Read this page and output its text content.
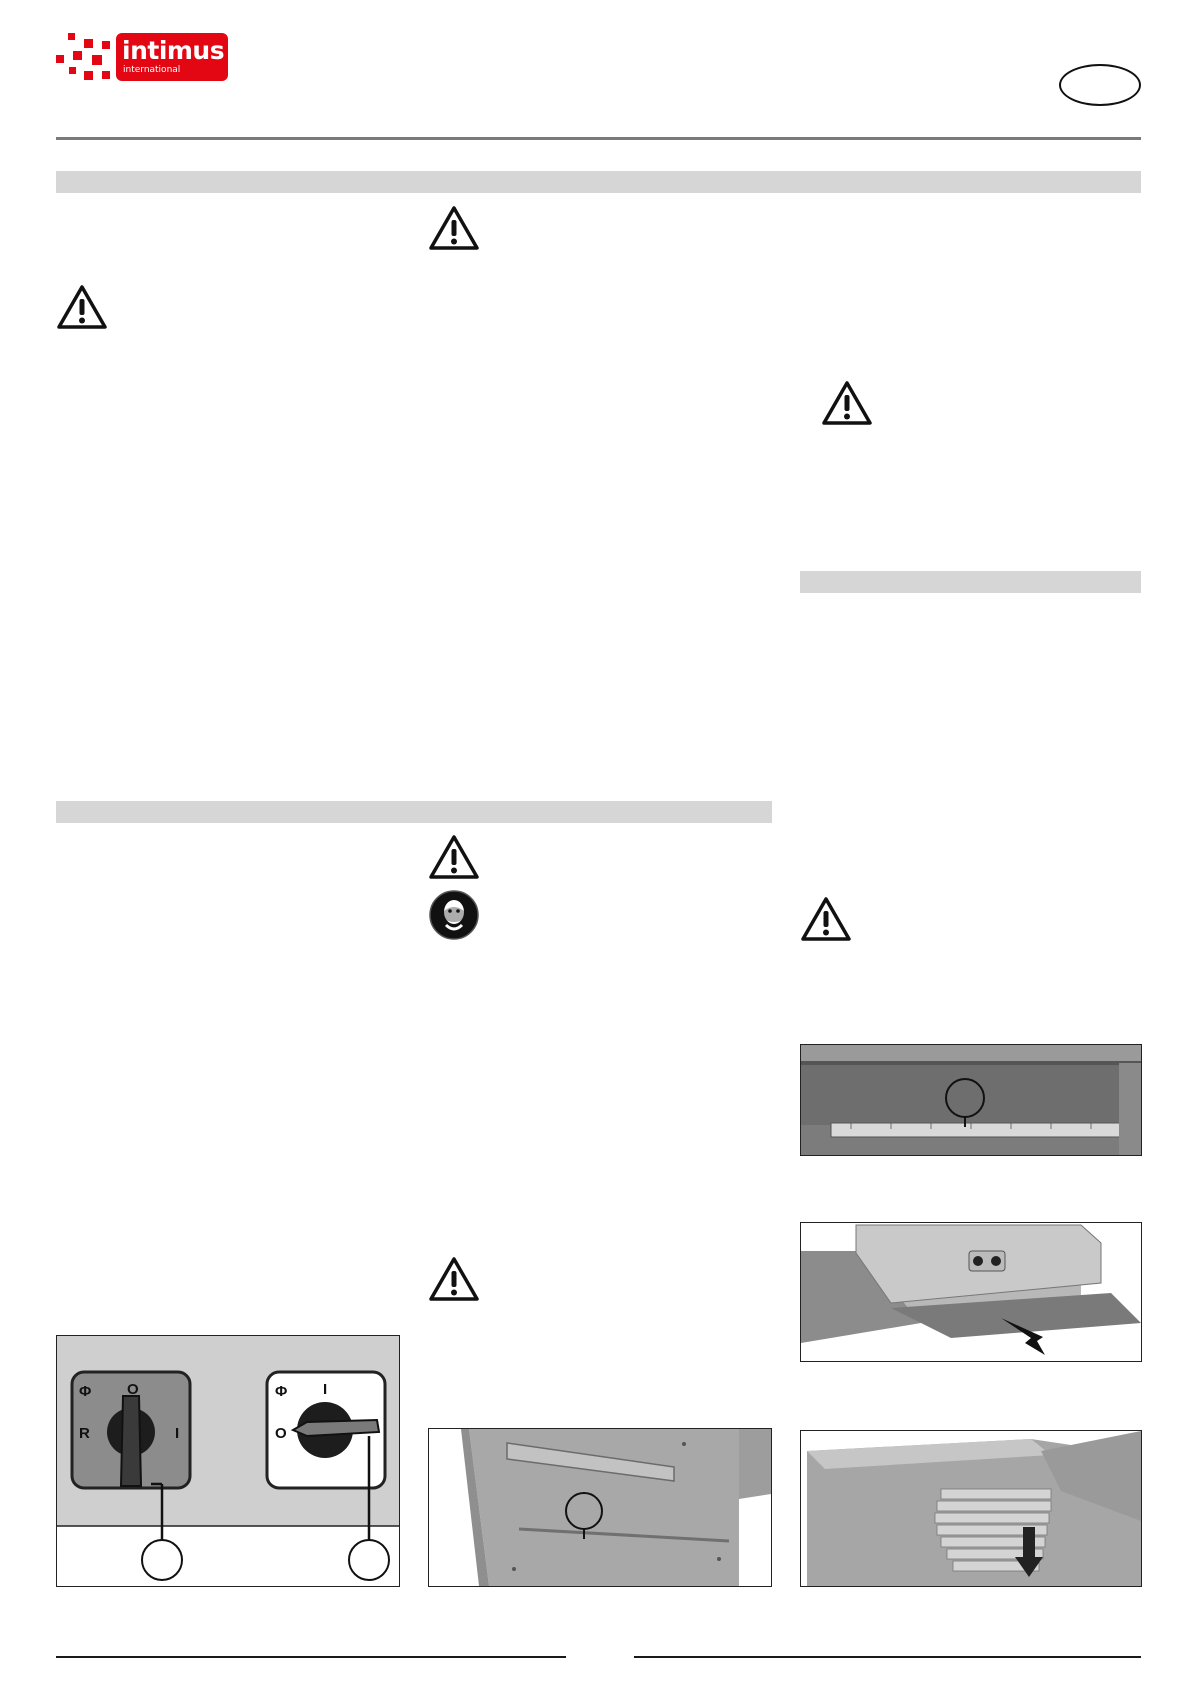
intimus
international
Φ O
R	I
Φ I
O
